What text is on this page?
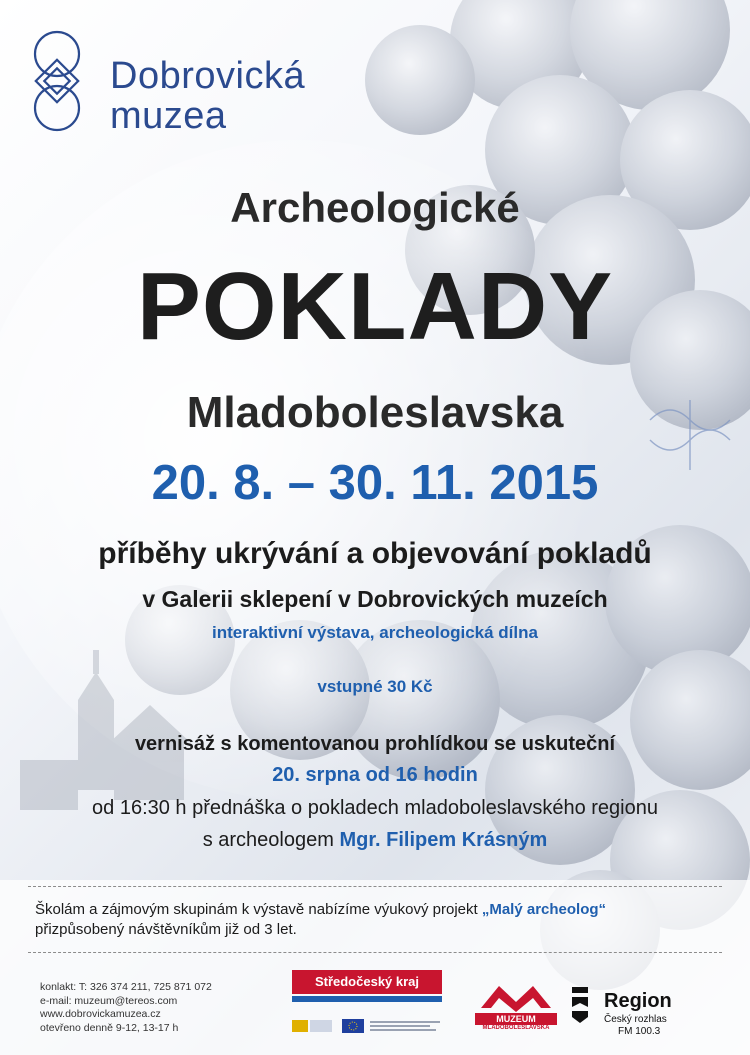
Dobrovická
muzea
Archeologické
POKLADY
Mladoboleslavska
20. 8. – 30. 11. 2015
příběhy ukrývání a objevování pokladů
v Galerii sklepení v Dobrovických muzeích
interaktivní výstava, archeologická dílna
vstupné 30 Kč
vernisáž s komentovanou prohlídkou se uskuteční
20. srpna od 16 hodin
od 16:30 h přednáška o pokladech mladoboleslavského regionu
s archeologem Mgr. Filipem Krásným
Školám a zájmovým skupinám k výstavě nabízíme výukový projekt „Malý archeolog“
přizpůsobený návštěvníkům již od 3 let.
konlakt: T: 326 374 211, 725 871 072
e-mail: muzeum@tereos.com
www.dobrovickamuzea.cz
otevřeno denně 9-12, 13-17 h
Středočeský kraj
MUZEUM
MLADOBOLESLAVSKA
Region
Český rozhlas
FM 100.3
